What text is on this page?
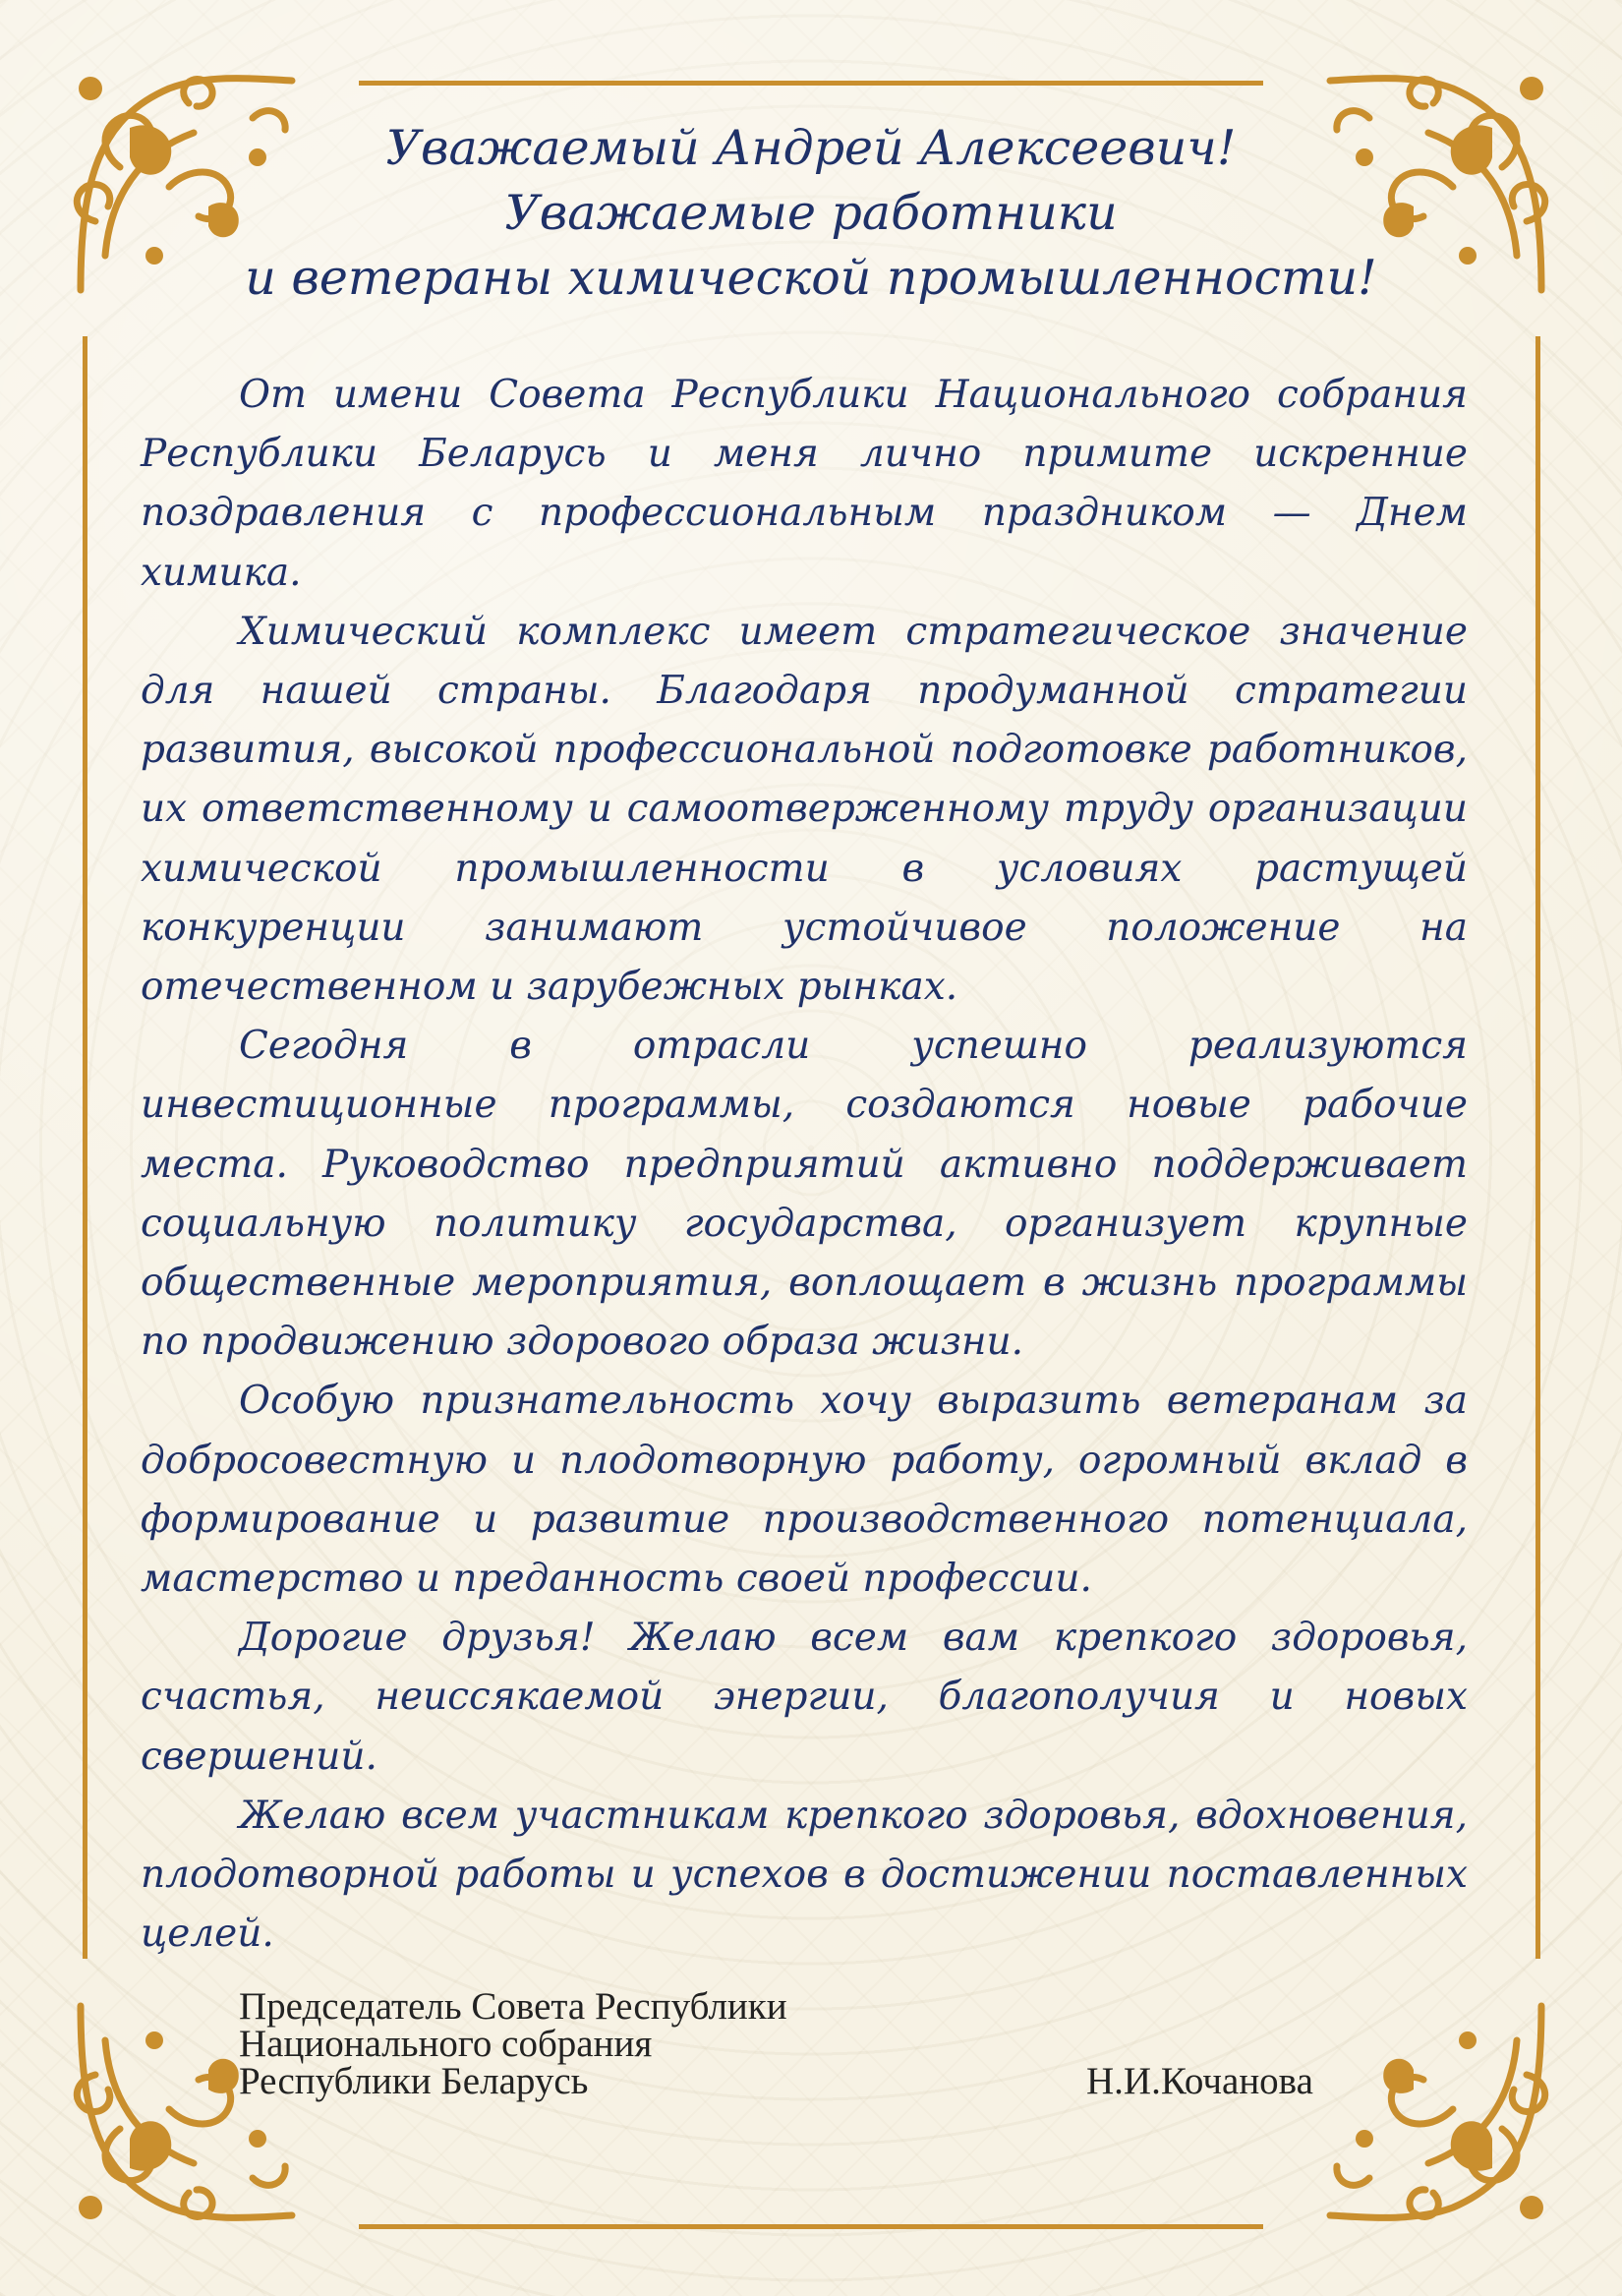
Уважаемый Андрей Алексеевич!
Уважаемые работники
и ветераны химической промышленности!

От имени Совета Республики Национального собрания Республики Беларусь и меня лично примите искренние поздравления с профессиональным праздником — Днем химика.

Химический комплекс имеет стратегическое значение для нашей страны. Благодаря продуманной стратегии развития, высокой профессиональной подготовке работников, их ответственному и самоотверженному труду организации химической промышленности в условиях растущей конкуренции занимают устойчивое положение на отечественном и зарубежных рынках.

Сегодня в отрасли успешно реализуются инвестиционные программы, создаются новые рабочие места. Руководство предприятий активно поддерживает социальную политику государства, организует крупные общественные мероприятия, воплощает в жизнь программы по продвижению здорового образа жизни.

Особую признательность хочу выразить ветеранам за добросовестную и плодотворную работу, огромный вклад в формирование и развитие производственного потенциала, мастерство и преданность своей профессии.

Дорогие друзья! Желаю всем вам крепкого здоровья, счастья, неиссякаемой энергии, благополучия и новых свершений.

Желаю всем участникам крепкого здоровья, вдохновения, плодотворной работы и успехов в достижении поставленных целей.

Председатель Совета Республики
Национального собрания
Республики Беларусь	Н.И.Кочанова
